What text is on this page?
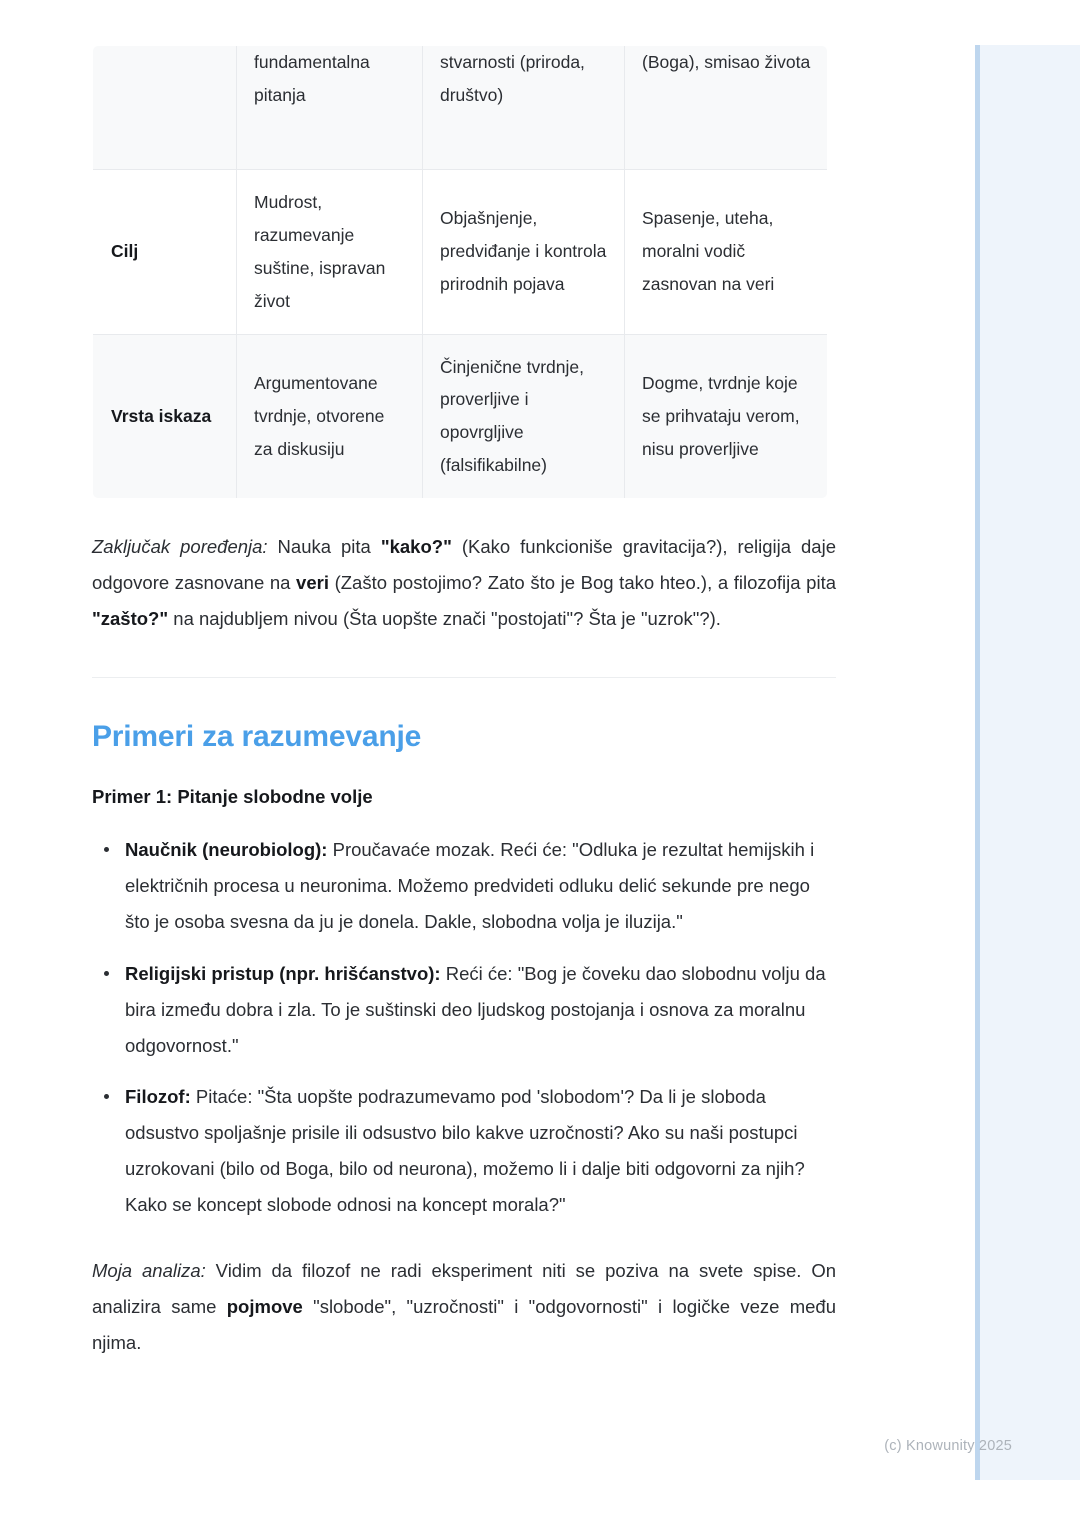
	fundamentalna pitanja	stvarnosti (priroda, društvo)	(Boga), smisao života
Cilj	Mudrost, razumevanje suštine, ispravan život	Objašnjenje, predviđanje i kontrola prirodnih pojava	Spasenje, uteha, moralni vodič zasnovan na veri
Vrsta iskaza	Argumentovane tvrdnje, otvorene za diskusiju	Činjenične tvrdnje, proverljive i opovrgljive (falsifikabilne)	Dogme, tvrdnje koje se prihvataju verom, nisu proverljive

Zaključak poređenja: Nauka pita "kako?" (Kako funkcioniše gravitacija?), religija daje odgovore zasnovane na veri (Zašto postojimo? Zato što je Bog tako hteo.), a filozofija pita "zašto?" na najdubljem nivou (Šta uopšte znači "postojati"? Šta je "uzrok"?).

Primeri za razumevanje
Primer 1: Pitanje slobodne volje
Naučnik (neurobiolog): Proučavaće mozak. Reći će: "Odluka je rezultat hemijskih i električnih procesa u neuronima. Možemo predvideti odluku delić sekunde pre nego što je osoba svesna da ju je donela. Dakle, slobodna volja je iluzija."
Religijski pristup (npr. hrišćanstvo): Reći će: "Bog je čoveku dao slobodnu volju da bira između dobra i zla. To je suštinski deo ljudskog postojanja i osnova za moralnu odgovornost."
Filozof: Pitaće: "Šta uopšte podrazumevamo pod 'slobodom'? Da li je sloboda odsustvo spoljašnje prisile ili odsustvo bilo kakve uzročnosti? Ako su naši postupci uzrokovani (bilo od Boga, bilo od neurona), možemo li i dalje biti odgovorni za njih? Kako se koncept slobode odnosi na koncept morala?"

Moja analiza: Vidim da filozof ne radi eksperiment niti se poziva na svete spise. On analizira same pojmove "slobode", "uzročnosti" i "odgovornosti" i logičke veze među njima.

(c) Knowunity 2025
